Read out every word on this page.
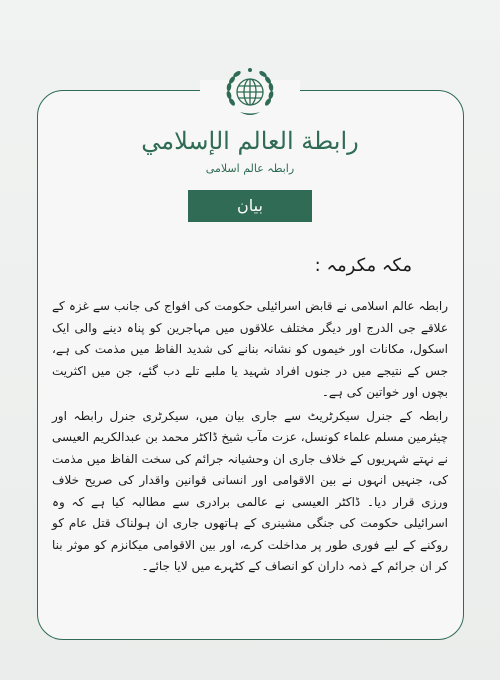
رابطة العالم الإسلامي
رابطہ عالم اسلامی
بیان
مکہ مکرمہ :

رابطہ عالم اسلامی نے قابض اسرائیلی حکومت کی افواج کی جانب سے غزہ کے علاقے جی الدرج اور دیگر مختلف علاقوں میں مہاجرین کو پناہ دینے والی ایک اسکول، مکانات اور خیموں کو نشانہ بنانے کی شدید الفاظ میں مذمت کی ہے، جس کے نتیجے میں در جنوں افراد شہید یا ملبے تلے دب گئے، جن میں اکثریت بچوں اور خواتین کی ہے۔

رابطہ کے جنرل سیکرٹریٹ سے جاری بیان میں، سیکرٹری جنرل رابطہ اور چیئرمین مسلم علماء کونسل، عزت مآب شیخ ڈاکٹر محمد بن عبدالکریم العیسی نے نہتے شہریوں کے خلاف جاری ان وحشیانہ جرائم کی سخت الفاظ میں مذمت کی، جنہیں انہوں نے بین الاقوامی اور انسانی قوانین واقدار کی صریح خلاف ورزی قرار دیا۔ ڈاکٹر العیسی نے عالمی برادری سے مطالبہ کیا ہے کہ وہ اسرائیلی حکومت کی جنگی مشینری کے ہاتھوں جاری ان ہولناک قتل عام کو روکنے کے لیے فوری طور پر مداخلت کرے، اور بین الاقوامی میکانزم کو موثر بنا کر ان جرائم کے ذمہ داران کو انصاف کے کٹہرے میں لایا جائے۔
